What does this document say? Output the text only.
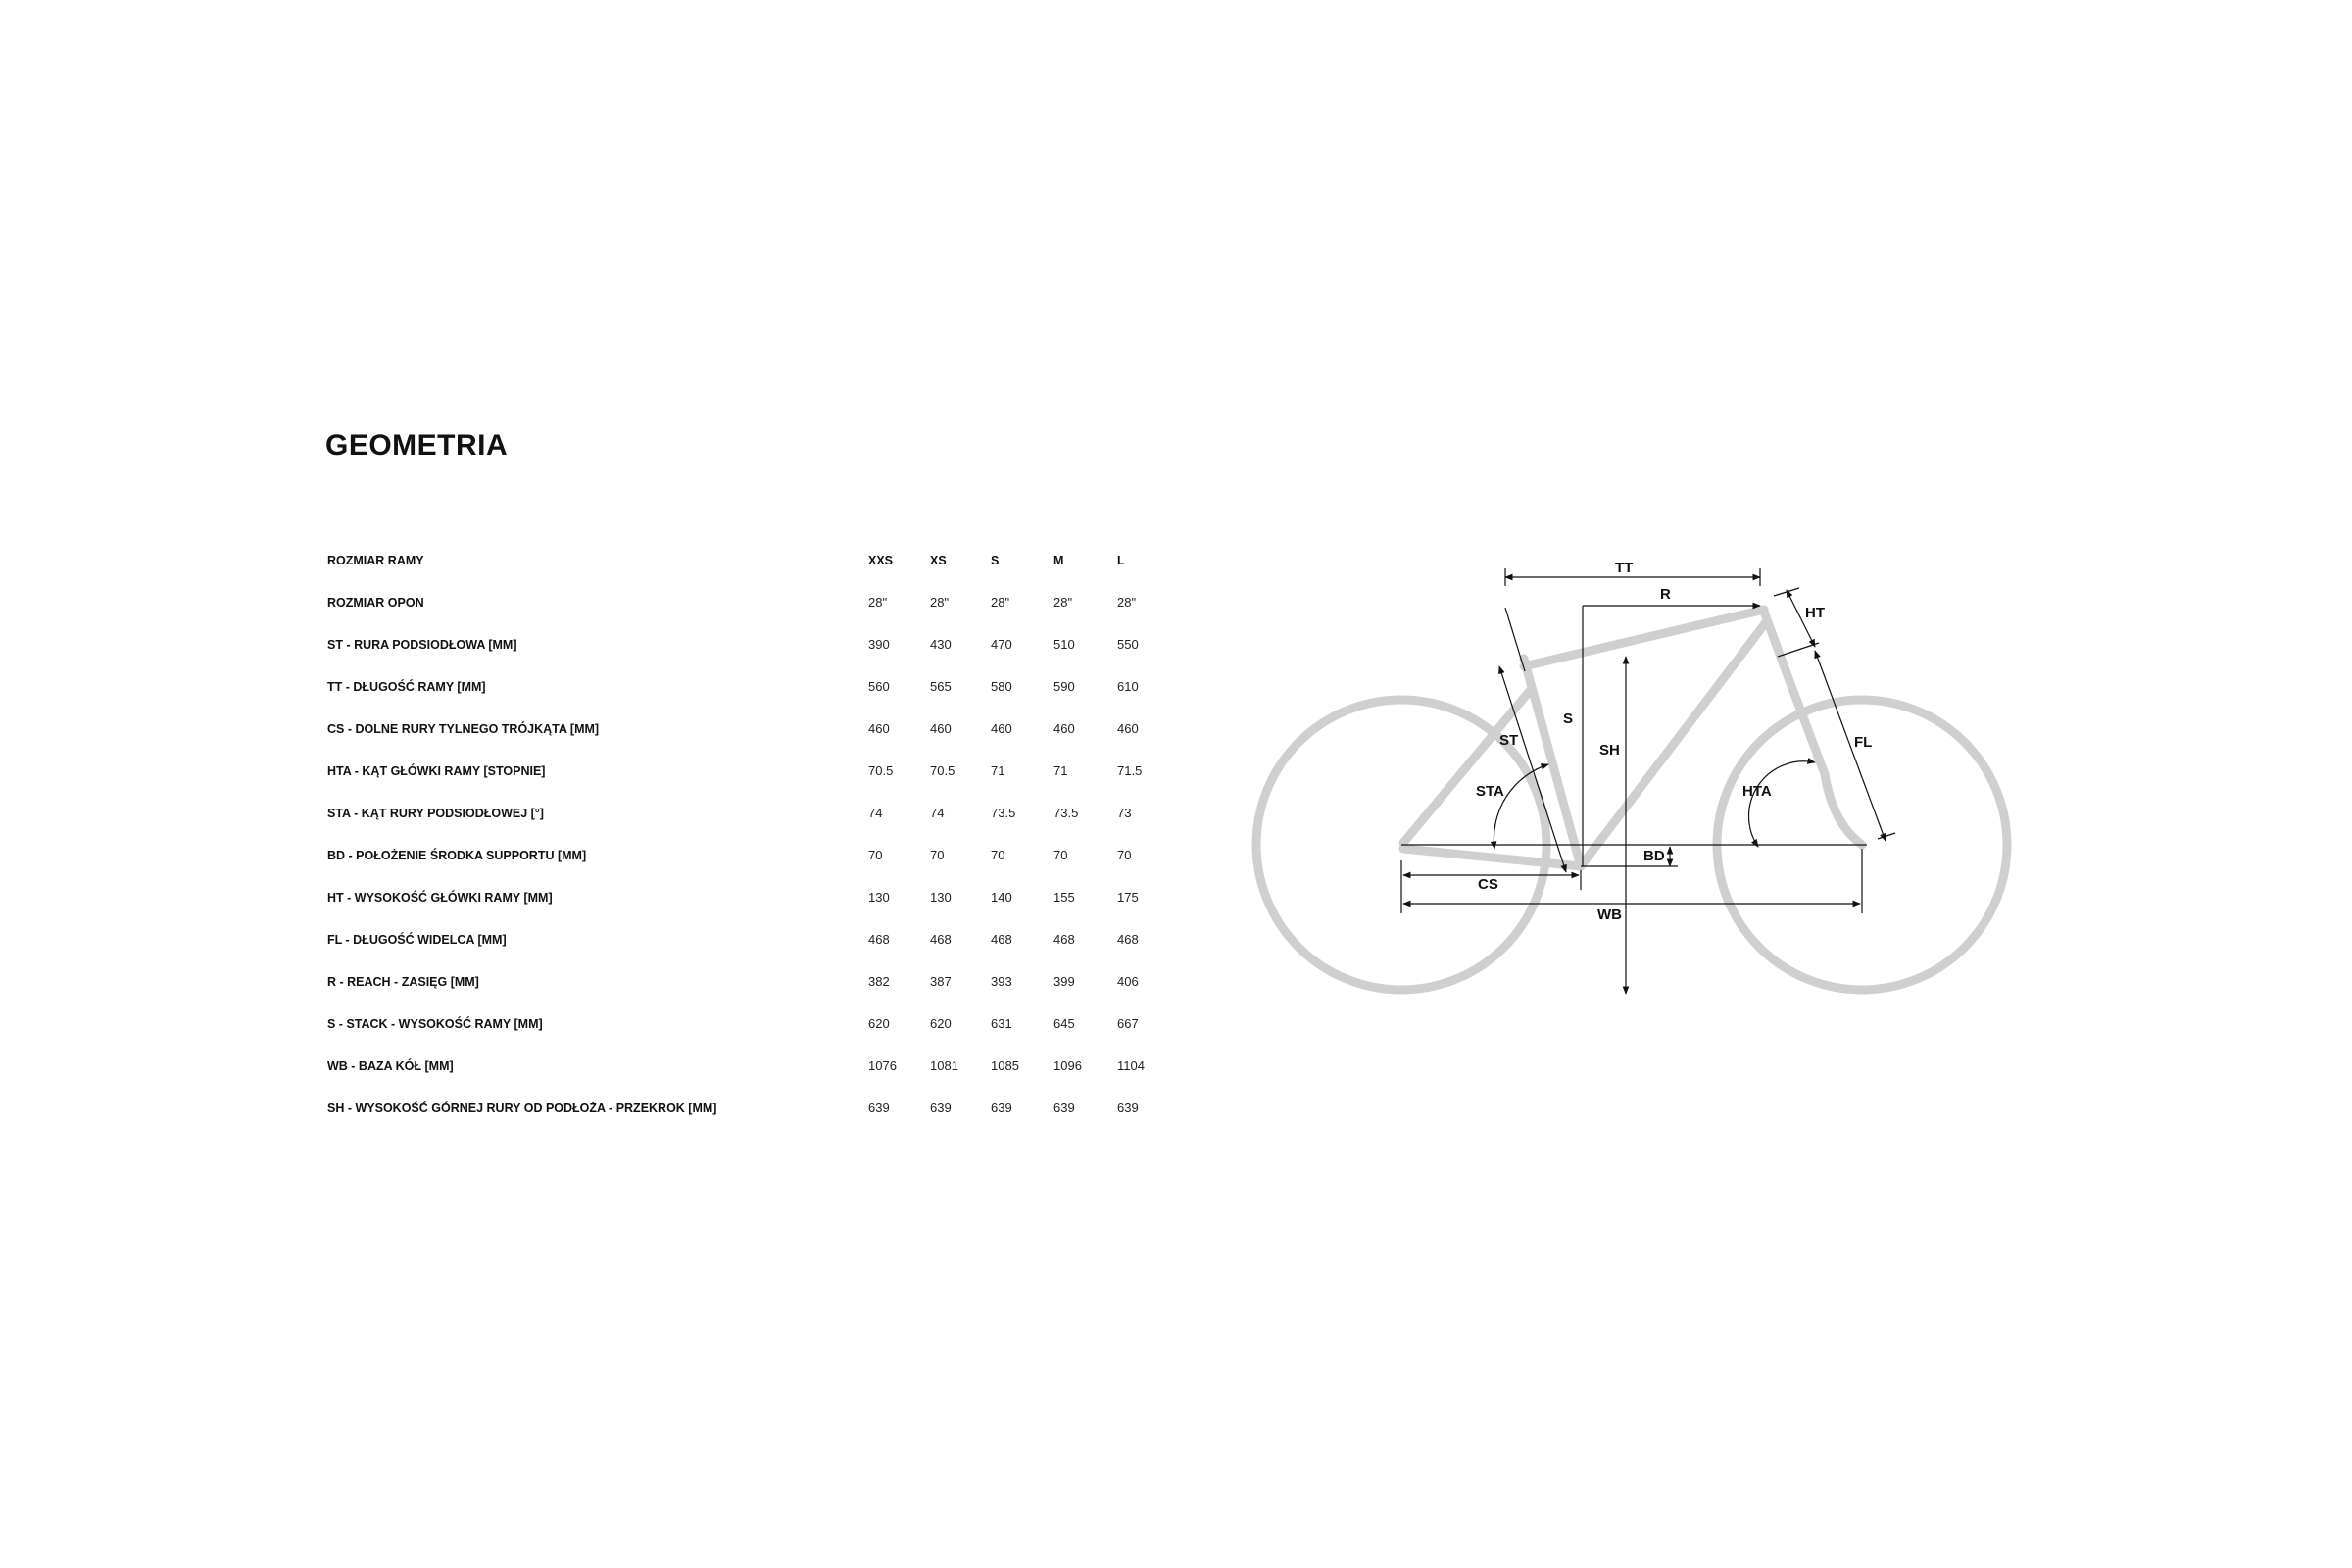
GEOMETRIA
ROZMIAR RAMY	XXS	XS	S	M	L
ROZMIAR OPON	28"	28"	28"	28"	28"
ST - RURA PODSIODŁOWA [MM]	390	430	470	510	550
TT - DŁUGOŚĆ RAMY [MM]	560	565	580	590	610
CS - DOLNE RURY TYLNEGO TRÓJKĄTA [MM]	460	460	460	460	460
HTA - KĄT GŁÓWKI RAMY [STOPNIE]	70.5	70.5	71	71	71.5
STA - KĄT RURY PODSIODŁOWEJ [°]	74	74	73.5	73.5	73
BD - POŁOŻENIE ŚRODKA SUPPORTU [MM]	70	70	70	70	70
HT - WYSOKOŚĆ GŁÓWKI RAMY [MM]	130	130	140	155	175
FL - DŁUGOŚĆ WIDELCA [MM]	468	468	468	468	468
R - REACH - ZASIĘG [MM]	382	387	393	399	406
S - STACK - WYSOKOŚĆ RAMY [MM]	620	620	631	645	667
WB - BAZA KÓŁ [MM]	1076	1081	1085	1096	1104
SH - WYSOKOŚĆ GÓRNEJ RURY OD PODŁOŻA - PRZEKROK [MM]	639	639	639	639	639
TT
R
HT
S
SH
ST	FL
STA	HTA
BD
CS
WB
